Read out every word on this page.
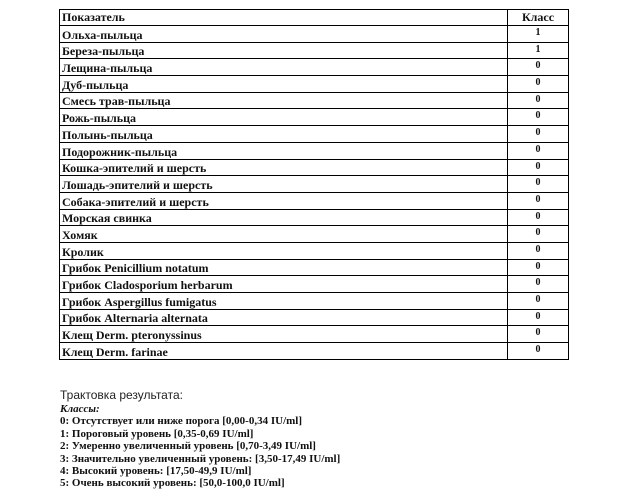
Показатель	Класс
Ольха-пыльца	1
Береза-пыльца	1
Лещина-пыльца	0
Дуб-пыльца	0
Смесь трав-пыльца	0
Рожь-пыльца	0
Полынь-пыльца	0
Подорожник-пыльца	0
Кошка-эпителий и шерсть	0
Лошадь-эпителий и шерсть	0
Собака-эпителий и шерсть	0
Морская свинка	0
Хомяк	0
Кролик	0
Грибок Penicillium notatum	0
Грибок Cladosporium herbarum	0
Грибок Aspergillus fumigatus	0
Грибок Alternaria alternata	0
Клещ Derm. pteronyssinus	0
Клещ Derm. farinae	0
Трактовка результата:
Классы:
0: Отсутствует или ниже порога [0,00-0,34 IU/ml]
1: Пороговый уровень [0,35-0,69 IU/ml]
2: Умеренно увеличенный уровень [0,70-3,49 IU/ml]
3: Значительно увеличенный уровень: [3,50-17,49 IU/ml]
4: Высокий уровень: [17,50-49,9 IU/ml]
5: Очень высокий уровень: [50,0-100,0 IU/ml]
